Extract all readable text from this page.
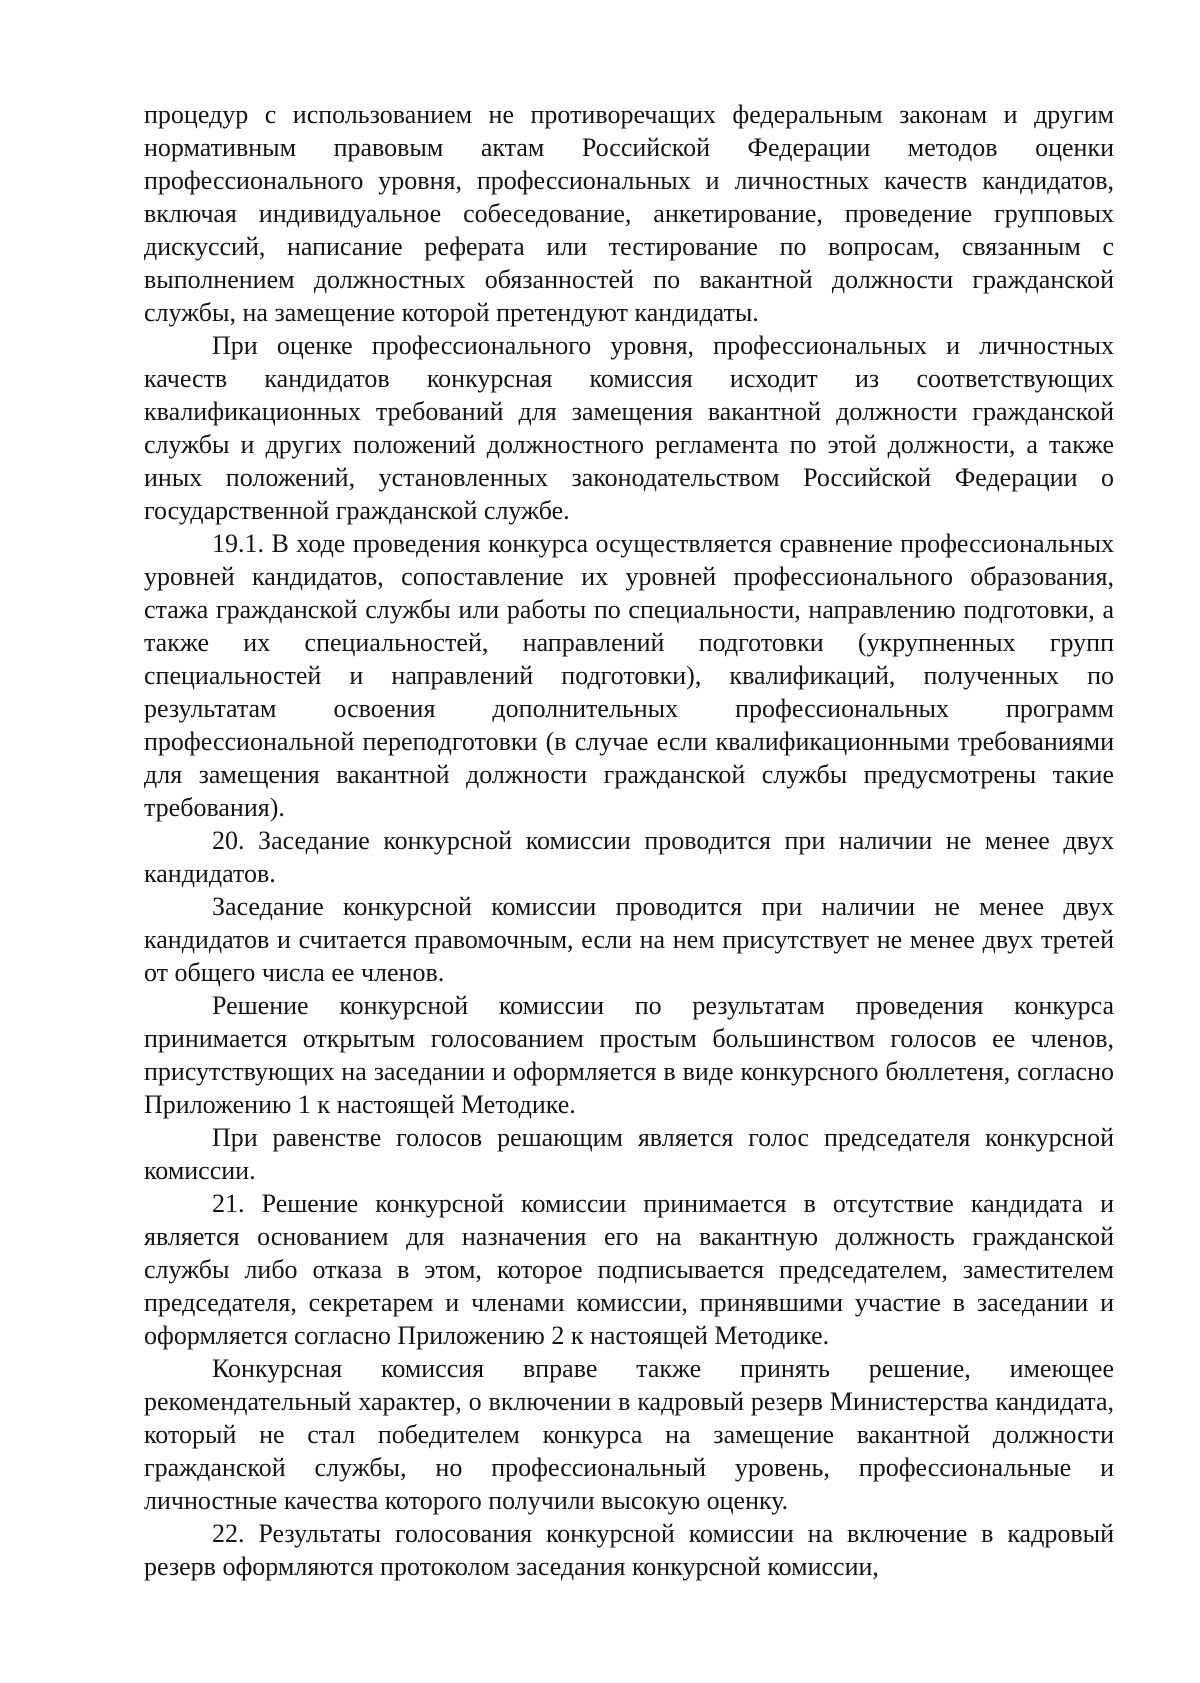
процедур с использованием не противоречащих федеральным законам и другим нормативным правовым актам Российской Федерации методов оценки профессионального уровня, профессиональных и личностных качеств кандидатов, включая индивидуальное собеседование, анкетирование, проведение групповых дискуссий, написание реферата или тестирование по вопросам, связанным с выполнением должностных обязанностей по вакантной должности гражданской службы, на замещение которой претендуют кандидаты.

При оценке профессионального уровня, профессиональных и личностных качеств кандидатов конкурсная комиссия исходит из соответствующих квалификационных требований для замещения вакантной должности гражданской службы и других положений должностного регламента по этой должности, а также иных положений, установленных законодательством Российской Федерации о государственной гражданской службе.

19.1. В ходе проведения конкурса осуществляется сравнение профессиональных уровней кандидатов, сопоставление их уровней профессионального образования, стажа гражданской службы или работы по специальности, направлению подготовки, а также их специальностей, направлений подготовки (укрупненных групп специальностей и направлений подготовки), квалификаций, полученных по результатам освоения дополнительных профессиональных программ профессиональной переподготовки (в случае если квалификационными требованиями для замещения вакантной должности гражданской службы предусмотрены такие требования).

20. Заседание конкурсной комиссии проводится при наличии не менее двух кандидатов.

Заседание конкурсной комиссии проводится при наличии не менее двух кандидатов и считается правомочным, если на нем присутствует не менее двух третей от общего числа ее членов.

Решение конкурсной комиссии по результатам проведения конкурса принимается открытым голосованием простым большинством голосов ее членов, присутствующих на заседании и оформляется в виде конкурсного бюллетеня, согласно Приложению 1 к настоящей Методике.

При равенстве голосов решающим является голос председателя конкурсной комиссии.

21. Решение конкурсной комиссии принимается в отсутствие кандидата и является основанием для назначения его на вакантную должность гражданской службы либо отказа в этом, которое подписывается председателем, заместителем председателя, секретарем и членами комиссии, принявшими участие в заседании и оформляется согласно Приложению 2 к настоящей Методике.

Конкурсная комиссия вправе также принять решение, имеющее рекомендательный характер, о включении в кадровый резерв Министерства кандидата, который не стал победителем конкурса на замещение вакантной должности гражданской службы, но профессиональный уровень, профессиональные и личностные качества которого получили высокую оценку.

22. Результаты голосования конкурсной комиссии на включение в кадровый резерв оформляются протоколом заседания конкурсной комиссии,
